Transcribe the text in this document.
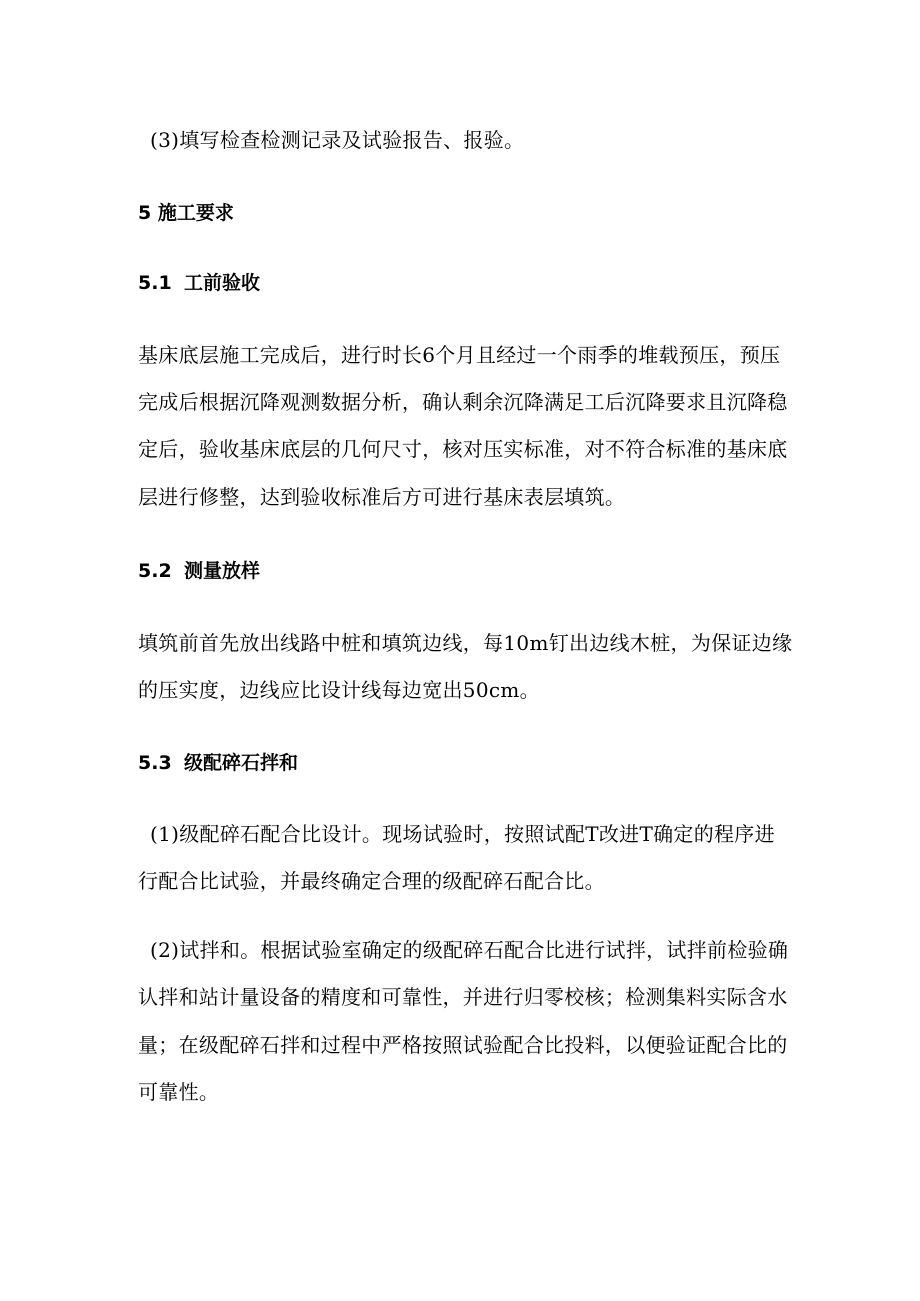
(3)填写检查检测记录及试验报告、报验。
5 施工要求
5.1 工前验收
基床底层施工完成后，进行时长6个月且经过一个雨季的堆载预压，预压
完成后根据沉降观测数据分析，确认剩余沉降满足工后沉降要求且沉降稳
定后，验收基床底层的几何尺寸，核对压实标准，对不符合标准的基床底
层进行修整，达到验收标准后方可进行基床表层填筑。
5.2 测量放样
填筑前首先放出线路中桩和填筑边线，每10m钉出边线木桩，为保证边缘
的压实度，边线应比设计线每边宽出50cm。
5.3 级配碎石拌和
(1)级配碎石配合比设计。现场试验时，按照试配T改进T确定的程序进
行配合比试验，并最终确定合理的级配碎石配合比。
(2)试拌和。根据试验室确定的级配碎石配合比进行试拌，试拌前检验确
认拌和站计量设备的精度和可靠性，并进行归零校核；检测集料实际含水
量；在级配碎石拌和过程中严格按照试验配合比投料，以便验证配合比的
可靠性。
